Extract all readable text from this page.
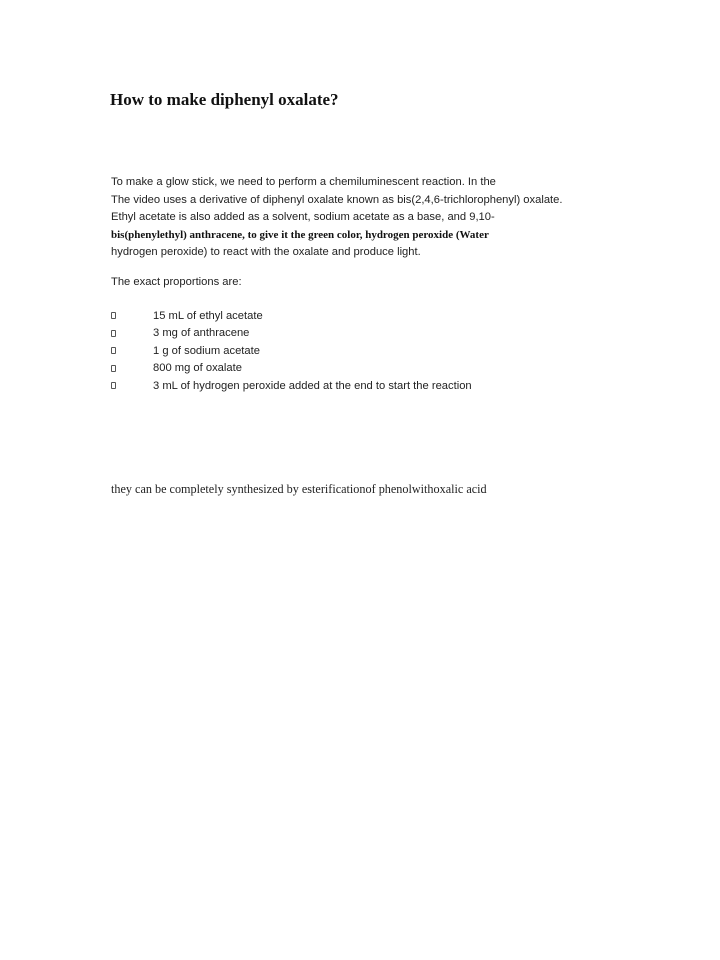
How to make diphenyl oxalate?
To make a glow stick, we need to perform a chemiluminescent reaction. In the
The video uses a derivative of diphenyl oxalate known as bis(2,4,6-trichlorophenyl) oxalate.
Ethyl acetate is also added as a solvent, sodium acetate as a base, and 9,10-
bis(phenylethyl) anthracene, to give it the green color, hydrogen peroxide (Water
hydrogen peroxide) to react with the oxalate and produce light.
The exact proportions are:
15 mL of ethyl acetate
3 mg of anthracene
1 g of sodium acetate
800 mg of oxalate
3 mL of hydrogen peroxide added at the end to start the reaction
they can be completely synthesized by esterificationof phenolwithoxalic acid
